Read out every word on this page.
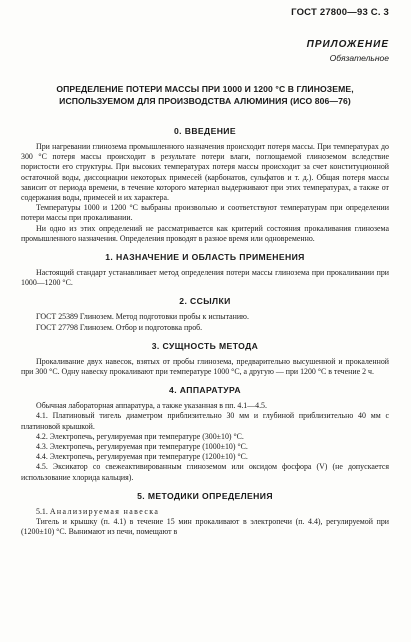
ГОСТ 27800—93 С. 3
ПРИЛОЖЕНИЕ
Обязательное
ОПРЕДЕЛЕНИЕ ПОТЕРИ МАССЫ ПРИ 1000 И 1200 °С В ГЛИНОЗЕМЕ,
ИСПОЛЬЗУЕМОМ ДЛЯ ПРОИЗВОДСТВА АЛЮМИНИЯ (ИСО 806—76)
0. ВВЕДЕНИЕ

При нагревании глинозема промышленного назначения происходит потеря массы. При температурах до 300 °С потеря массы происходит в результате потери влаги, поглощаемой глиноземом вследствие пористости его структуры. При высоких температурах потеря массы происходит за счет конституционной остаточной воды, диссоциации некоторых примесей (карбонатов, сульфатов и т. д.). Общая потеря массы зависит от периода времени, в течение которого материал выдерживают при этих температурах, а также от содержания воды, примесей и их характера.

Температуры 1000 и 1200 °С выбраны произвольно и соответствуют температурам при определении потери массы при прокаливании.

Ни одно из этих определений не рассматривается как критерий состояния прокаливания глинозема промышленного назначения. Определения проводят в разное время или одновременно.

1. НАЗНАЧЕНИЕ И ОБЛАСТЬ ПРИМЕНЕНИЯ

Настоящий стандарт устанавливает метод определения потери массы глинозема при прокаливании при 1000—1200 °С.

2. ССЫЛКИ

ГОСТ 25389 Глинозем. Метод подготовки пробы к испытанию.

ГОСТ 27798 Глинозем. Отбор и подготовка проб.

3. СУЩНОСТЬ МЕТОДА

Прокаливание двух навесок, взятых от пробы глинозема, предварительно высушенной и прокаленной при 300 °С. Одну навеску прокаливают при температуре 1000 °С, а другую — при 1200 °С в течение 2 ч.

4. АППАРАТУРА

Обычная лабораторная аппаратура, а также указанная в пп. 4.1—4.5.

4.1. Платиновый тигель диаметром приблизительно 30 мм и глубиной приблизительно 40 мм с платиновой крышкой.

4.2. Электропечь, регулируемая при температуре (300±10) °С.

4.3. Электропечь, регулируемая при температуре (1000±10) °С.

4.4. Электропечь, регулируемая при температуре (1200±10) °С.

4.5. Эксикатор со свежеактивированным глиноземом или оксидом фосфора (V) (не допускается использование хлорида кальция).

5. МЕТОДИКИ ОПРЕДЕЛЕНИЯ

5.1. Анализируемая навеска

Тигель и крышку (п. 4.1) в течение 15 мин прокаливают в электропечи (п. 4.4), регулируемой при (1200±10) °С. Вынимают из печи, помещают в
